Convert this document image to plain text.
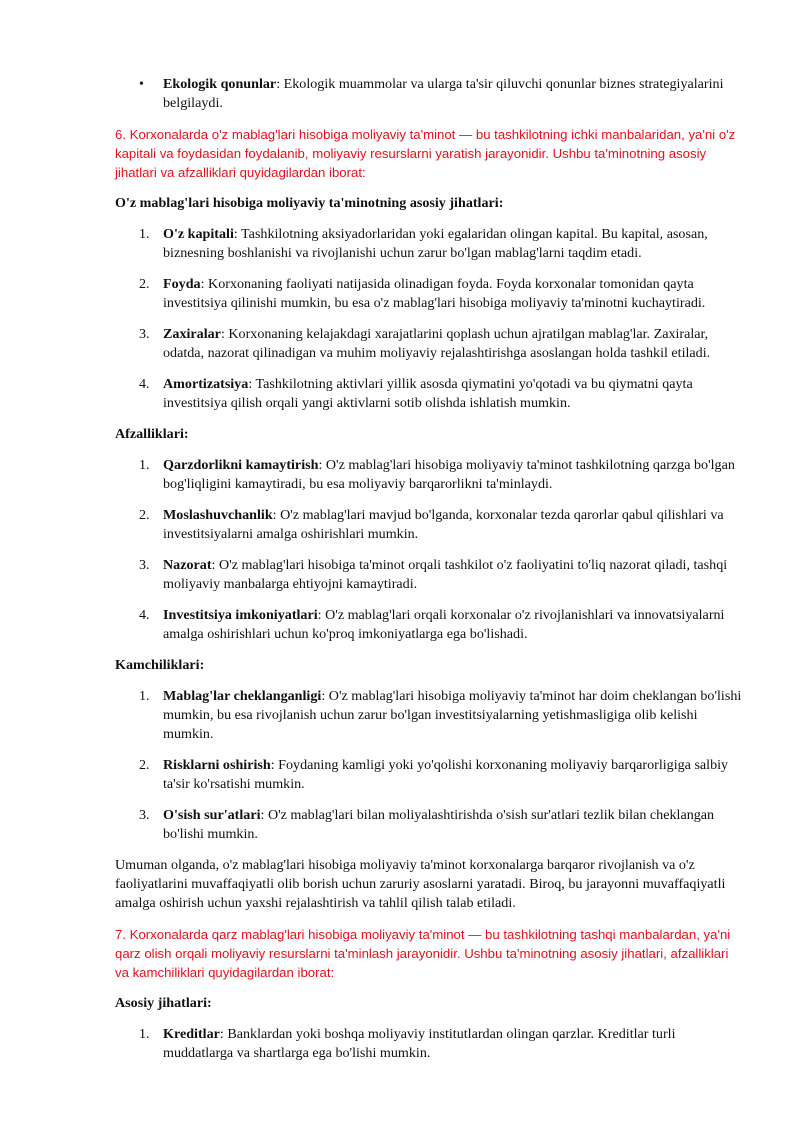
• Ekologik qonunlar: Ekologik muammolar va ularga ta'sir qiluvchi qonunlar biznes strategiyalarini belgilaydi.

6. Korxonalarda o'z mablag'lari hisobiga moliyaviy ta'minot — bu tashkilotning ichki manbalaridan, ya'ni o'z kapitali va foydasidan foydalanib, moliyaviy resurslarni yaratish jarayonidir. Ushbu ta'minotning asosiy jihatlari va afzalliklari quyidagilardan iborat:

O'z mablag'lari hisobiga moliyaviy ta'minotning asosiy jihatlari:

1. O'z kapitali: Tashkilotning aksiyadorlaridan yoki egalaridan olingan kapital. Bu kapital, asosan, biznesning boshlanishi va rivojlanishi uchun zarur bo'lgan mablag'larni taqdim etadi.
2. Foyda: Korxonaning faoliyati natijasida olinadigan foyda. Foyda korxonalar tomonidan qayta investitsiya qilinishi mumkin, bu esa o'z mablag'lari hisobiga moliyaviy ta'minotni kuchaytiradi.
3. Zaxiralar: Korxonaning kelajakdagi xarajatlarini qoplash uchun ajratilgan mablag'lar. Zaxiralar, odatda, nazorat qilinadigan va muhim moliyaviy rejalashtirishga asoslangan holda tashkil etiladi.
4. Amortizatsiya: Tashkilotning aktivlari yillik asosda qiymatini yo'qotadi va bu qiymatni qayta investitsiya qilish orqali yangi aktivlarni sotib olishda ishlatish mumkin.

Afzalliklari:

1. Qarzdorlikni kamaytirish: O'z mablag'lari hisobiga moliyaviy ta'minot tashkilotning qarzga bo'lgan bog'liqligini kamaytiradi, bu esa moliyaviy barqarorlikni ta'minlaydi.
2. Moslashuvchanlik: O'z mablag'lari mavjud bo'lganda, korxonalar tezda qarorlar qabul qilishlari va investitsiyalarni amalga oshirishlari mumkin.
3. Nazorat: O'z mablag'lari hisobiga ta'minot orqali tashkilot o'z faoliyatini to'liq nazorat qiladi, tashqi moliyaviy manbalarga ehtiyojni kamaytiradi.
4. Investitsiya imkoniyatlari: O'z mablag'lari orqali korxonalar o'z rivojlanishlari va innovatsiyalarni amalga oshirishlari uchun ko'proq imkoniyatlarga ega bo'lishadi.

Kamchiliklari:

1. Mablag'lar cheklanganligi: O'z mablag'lari hisobiga moliyaviy ta'minot har doim cheklangan bo'lishi mumkin, bu esa rivojlanish uchun zarur bo'lgan investitsiyalarning yetishmasligiga olib kelishi mumkin.
2. Risklarni oshirish: Foydaning kamligi yoki yo'qolishi korxonaning moliyaviy barqarorligiga salbiy ta'sir ko'rsatishi mumkin.
3. O'sish sur'atlari: O'z mablag'lari bilan moliyalashtirishda o'sish sur'atlari tezlik bilan cheklangan bo'lishi mumkin.

Umuman olganda, o'z mablag'lari hisobiga moliyaviy ta'minot korxonalarga barqaror rivojlanish va o'z faoliyatlarini muvaffaqiyatli olib borish uchun zaruriy asoslarni yaratadi. Biroq, bu jarayonni muvaffaqiyatli amalga oshirish uchun yaxshi rejalashtirish va tahlil qilish talab etiladi.

7. Korxonalarda qarz mablag'lari hisobiga moliyaviy ta'minot — bu tashkilotning tashqi manbalardan, ya'ni qarz olish orqali moliyaviy resurslarni ta'minlash jarayonidir. Ushbu ta'minotning asosiy jihatlari, afzalliklari va kamchiliklari quyidagilardan iborat:

Asosiy jihatlari:

1. Kreditlar: Banklardan yoki boshqa moliyaviy institutlardan olingan qarzlar. Kreditlar turli muddatlarga va shartlarga ega bo'lishi mumkin.
